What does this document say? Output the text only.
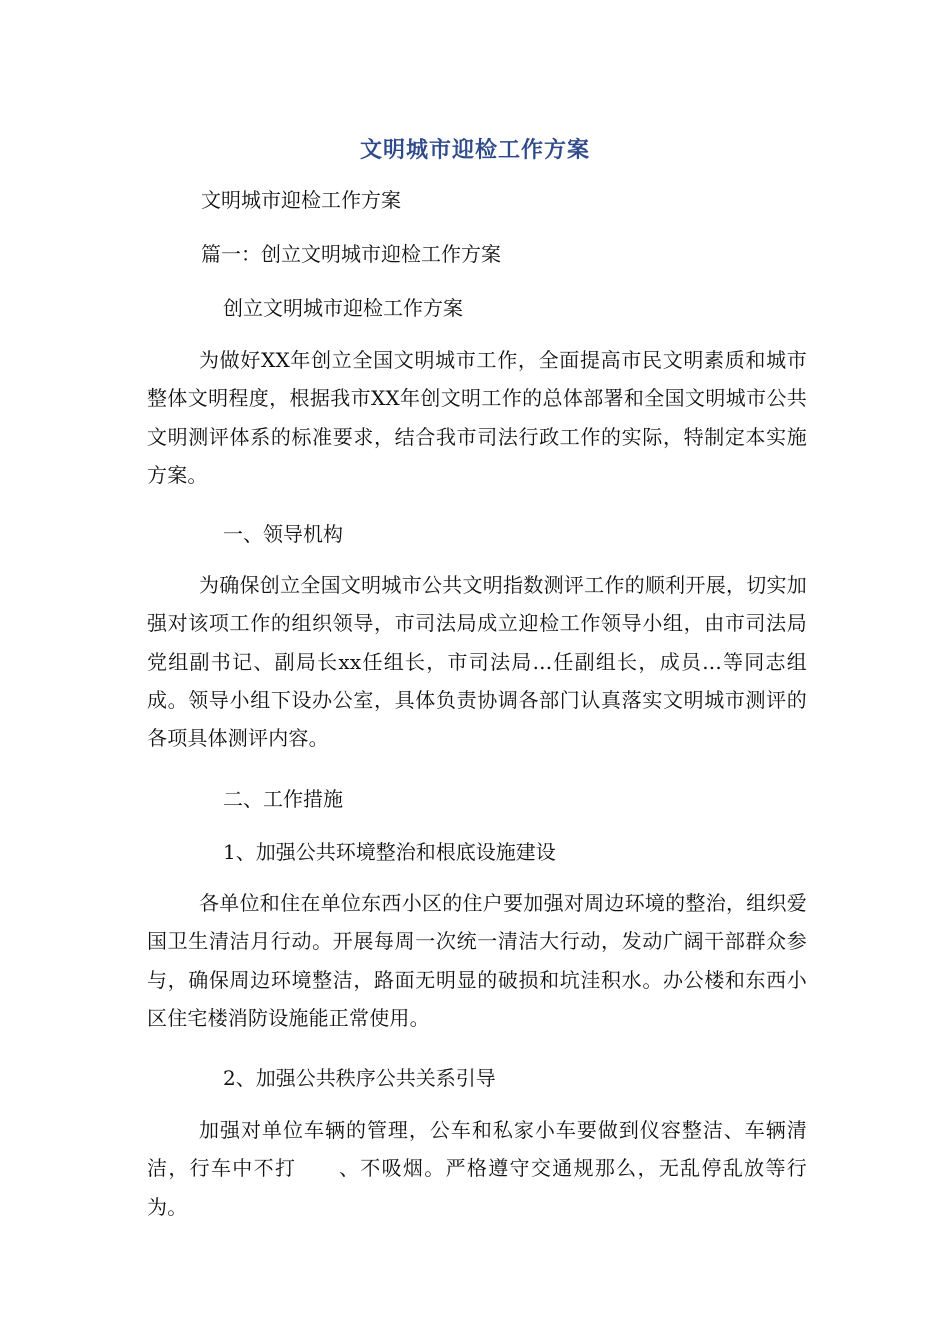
文明城市迎检工作方案
文明城市迎检工作方案
篇一：创立文明城市迎检工作方案
创立文明城市迎检工作方案
为做好XX年创立全国文明城市工作，全面提高市民文明素质和城市整体文明程度，根据我市XX年创文明工作的总体部署和全国文明城市公共文明测评体系的标准要求，结合我市司法行政工作的实际，特制定本实施方案。
一、领导机构
为确保创立全国文明城市公共文明指数测评工作的顺利开展，切实加强对该项工作的组织领导，市司法局成立迎检工作领导小组，由市司法局党组副书记、副局长xx任组长，市司法局...任副组长，成员...等同志组成。领导小组下设办公室，具体负责协调各部门认真落实文明城市测评的各项具体测评内容。
二、工作措施
1、加强公共环境整治和根底设施建设
各单位和住在单位东西小区的住户要加强对周边环境的整治，组织爱国卫生清洁月行动。开展每周一次统一清洁大行动，发动广阔干部群众参与，确保周边环境整洁，路面无明显的破损和坑洼积水。办公楼和东西小区住宅楼消防设施能正常使用。
2、加强公共秩序公共关系引导
加强对单位车辆的管理，公车和私家小车要做到仪容整洁、车辆清洁，行车中不打　　、不吸烟。严格遵守交通规那么，无乱停乱放等行为。
